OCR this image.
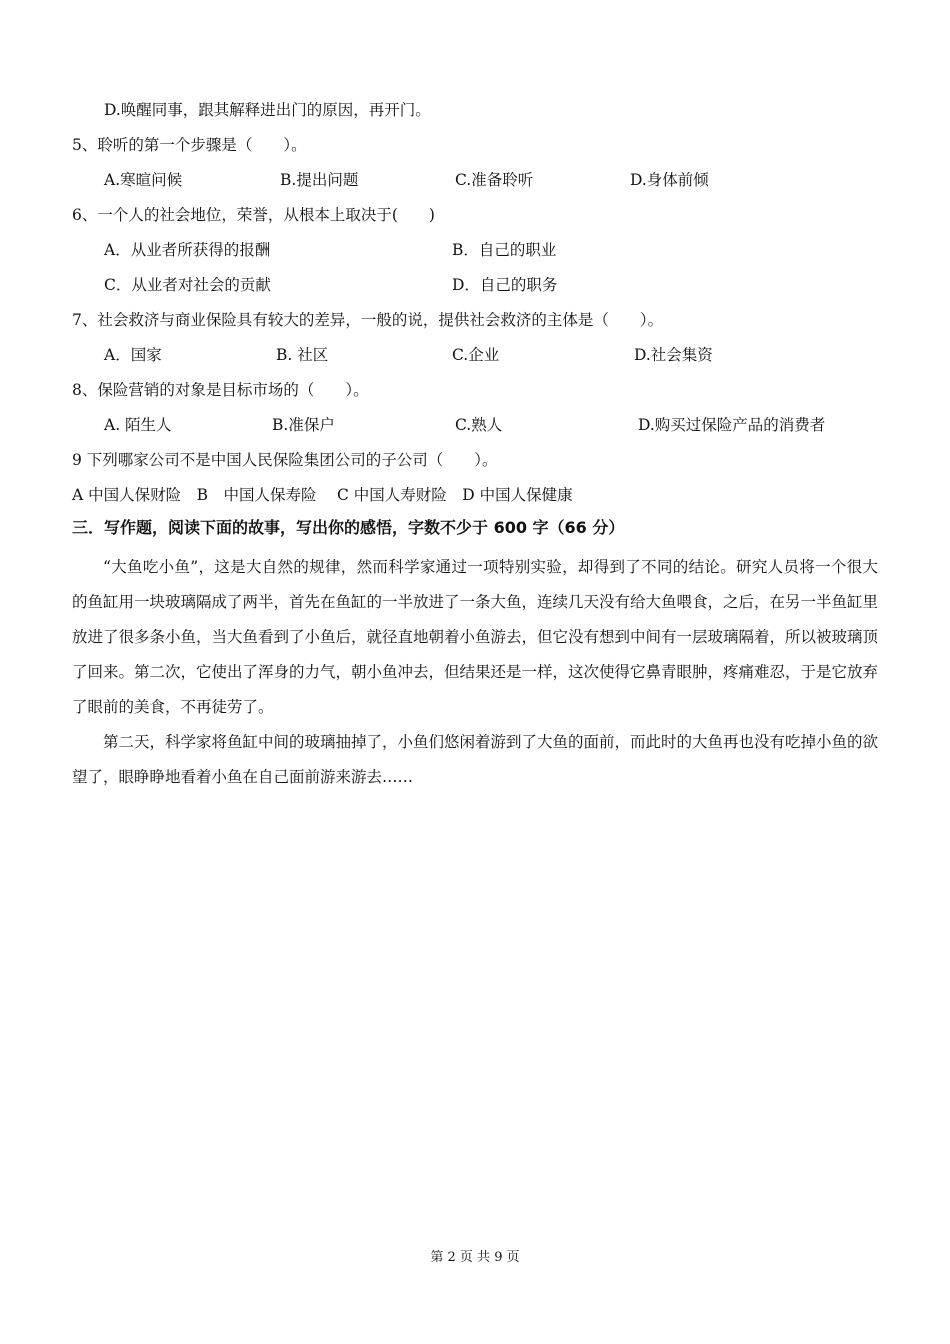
D.唤醒同事，跟其解释进出门的原因，再开门。
5、聆听的第一个步骤是（　　）。
A.寒暄问候	B.提出问题	C.准备聆听	D.身体前倾
6、一个人的社会地位，荣誉，从根本上取决于(　　)
A．从业者所获得的报酬	B．自己的职业
C．从业者对社会的贡献	D．自己的职务
7、社会救济与商业保险具有较大的差异，一般的说，提供社会救济的主体是（　　）。
A．国家	B. 社区	C.企业	D.社会集资
8、保险营销的对象是目标市场的（　　）。
A. 陌生人	B.准保户	C.熟人	D.购买过保险产品的消费者
9 下列哪家公司不是中国人民保险集团公司的子公司（　　）。
A 中国人保财险　B　中国人保寿险　 C 中国人寿财险　D 中国人保健康
三．写作题，阅读下面的故事，写出你的感悟，字数不少于 600 字（66 分）
“大鱼吃小鱼”，这是大自然的规律，然而科学家通过一项特别实验，却得到了不同的结论。研究人员将一个很大的鱼缸用一块玻璃隔成了两半，首先在鱼缸的一半放进了一条大鱼，连续几天没有给大鱼喂食，之后，在另一半鱼缸里放进了很多条小鱼，当大鱼看到了小鱼后，就径直地朝着小鱼游去，但它没有想到中间有一层玻璃隔着，所以被玻璃顶了回来。第二次，它使出了浑身的力气，朝小鱼冲去，但结果还是一样，这次使得它鼻青眼肿，疼痛难忍，于是它放弃了眼前的美食，不再徒劳了。
第二天，科学家将鱼缸中间的玻璃抽掉了，小鱼们悠闲着游到了大鱼的面前，而此时的大鱼再也没有吃掉小鱼的欲望了，眼睁睁地看着小鱼在自己面前游来游去……
第 2 页 共 9 页
